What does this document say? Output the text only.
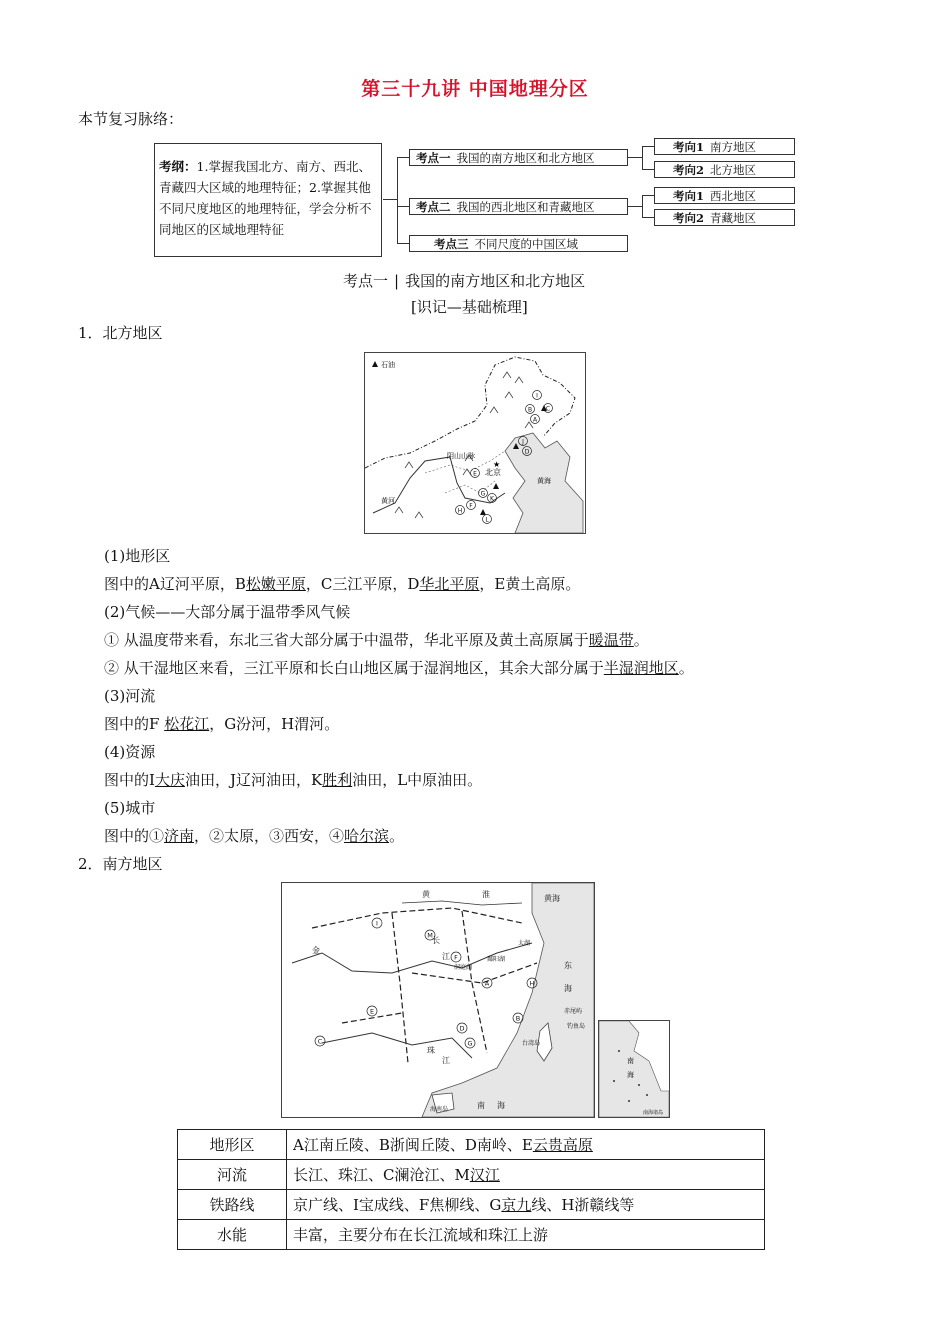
第三十九讲 中国地理分区
本节复习脉络：
考纲：1.掌握我国北方、南方、西北、青藏四大区域的地理特征；2.掌握其他不同尺度地区的地理特征，学会分析不同地区的区域地理特征
考点一 我国的南方地区和北方地区
考点二 我国的西北地区和青藏地区
考点三 不同尺度的中国区域
考向1 南方地区
考向2 北方地区
考向1 西北地区
考向2 青藏地区
考点一 | 我国的南方地区和北方地区
[识记—基础梳理]
1．北方地区
石油
阴山山脉
北京
★
黄海
黄河
I
C
B
A
J
D
E
G
F
H
K
L
(1)地形区
图中的A辽河平原，B松嫩平原，C三江平原，D华北平原，E黄土高原。
(2)气候——大部分属于温带季风气候
① 从温度带来看，东北三省大部分属于中温带，华北平原及黄土高原属于暖温带。
② 从干湿地区来看，三江平原和长白山地区属于湿润地区，其余大部分属于半湿润地区。
(3)河流
图中的F 松花江，G汾河，H渭河。
(4)资源
图中的Ⅰ大庆油田，J辽河油田，K胜利油田，L中原油田。
(5)城市
图中的①济南，②太原，③西安，④哈尔滨。
2．南方地区
黄	淮
长
江
珠
江
金
黄海
东
海
南 海
太湖
鄱阳湖
洞庭湖
台湾岛
海南岛
钓鱼岛
赤尾屿
A
B
C
D
E
F
G
H
I
M
南
海
南海诸岛
地形区	A江南丘陵、B浙闽丘陵、D南岭、E云贵高原
河流	长江、珠江、C澜沧江、M汉江
铁路线	京广线、Ⅰ宝成线、F焦柳线、G京九线、H浙赣线等
水能	丰富，主要分布在长江流域和珠江上游
